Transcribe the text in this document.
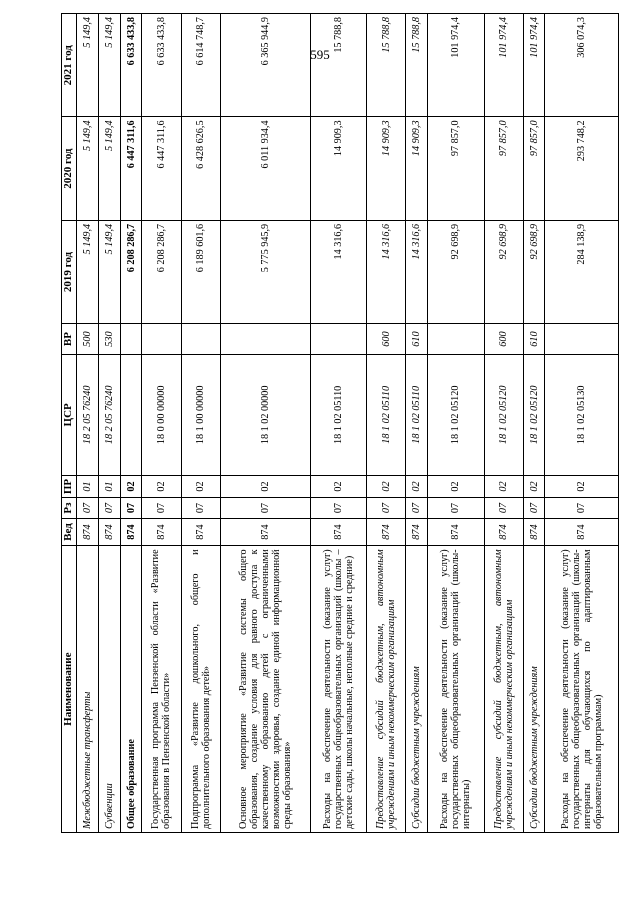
595
Наименование	Вед	Рз	ПР	ЦСР	ВР	2019 год	2020 год	2021 год
Межбюджетные трансферты	874	07	01	18 2 05 76240	500	5 149,4	5 149,4	5 149,4
Субвенции	874	07	01	18 2 05 76240	530	5 149,4	5 149,4	5 149,4
Общее образование	874	07	02			6 208 286,7	6 447 311,6	6 633 433,8
Государственная программа Пензенской области «Развитие образования в Пензенской области»	874	07	02	18 0 00 00000		6 208 286,7	6 447 311,6	6 633 433,8
Подпрограмма «Развитие дошкольного, общего и дополнительного образования детей»	874	07	02	18 1 00 00000		6 189 601,6	6 428 626,5	6 614 748,7
Основное мероприятие «Развитие системы общего образования, создание условия для равного доступа к качественному образованию детей с ограниченными возможностями здоровья, создание единой информационной среды образования»	874	07	02	18 1 02 00000		5 775 945,9	6 011 934,4	6 365 944,9
Расходы на обеспечение деятельности (оказание услуг) государственных общеобразовательных организаций (школы – детские сады, школы начальные, неполные средние и средние)	874	07	02	18 1 02 05110		14 316,6	14 909,3	15 788,8
Предоставление субсидий бюджетным, автономным учреждениям и иным некоммерческим организациям	874	07	02	18 1 02 05110	600	14 316,6	14 909,3	15 788,8
Субсидии бюджетным учреждениям	874	07	02	18 1 02 05110	610	14 316,6	14 909,3	15 788,8
Расходы на обеспечение деятельности (оказание услуг) государственных общеобразовательных организаций (школы-интернаты)	874	07	02	18 1 02 05120		92 698,9	97 857,0	101 974,4
Предоставление субсидий бюджетным, автономным учреждениям и иным некоммерческим организациям	874	07	02	18 1 02 05120	600	92 698,9	97 857,0	101 974,4
Субсидии бюджетным учреждениям	874	07	02	18 1 02 05120	610	92 698,9	97 857,0	101 974,4
Расходы на обеспечение деятельности (оказание услуг) государственных общеобразовательных организаций (школы-интернаты для обучающихся по адаптированным образовательным программам)	874	07	02	18 1 02 05130		284 138,9	293 748,2	306 074,3
